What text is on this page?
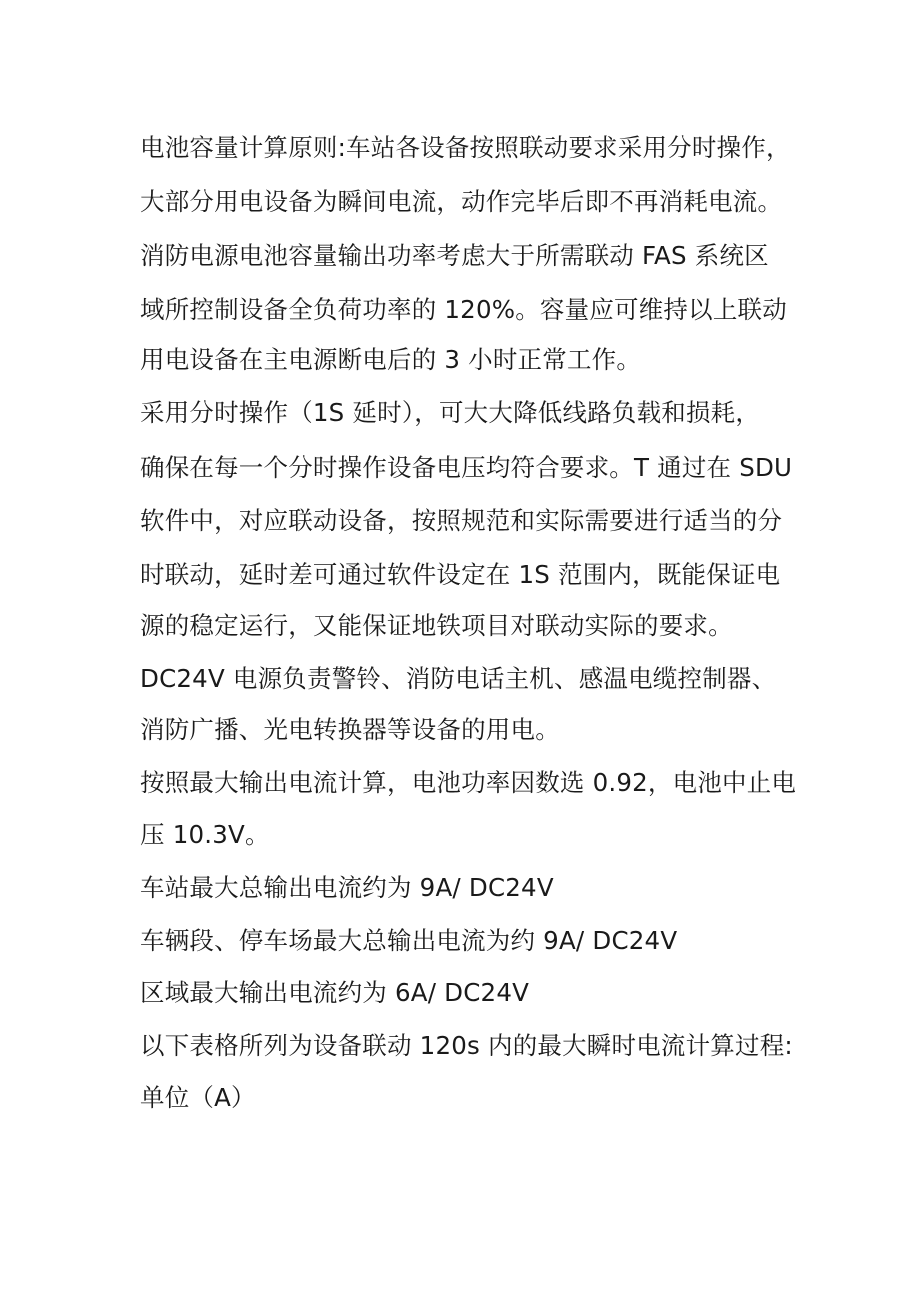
电池容量计算原则:车站各设备按照联动要求采用分时操作，
大部分用电设备为瞬间电流，动作完毕后即不再消耗电流。
消防电源电池容量输出功率考虑大于所需联动 FAS 系统区
域所控制设备全负荷功率的 120%。容量应可维持以上联动
用电设备在主电源断电后的 3 小时正常工作。
采用分时操作（1S 延时），可大大降低线路负载和损耗，
确保在每一个分时操作设备电压均符合要求。T 通过在 SDU
软件中，对应联动设备，按照规范和实际需要进行适当的分
时联动，延时差可通过软件设定在 1S 范围内，既能保证电
源的稳定运行，又能保证地铁项目对联动实际的要求。
DC24V 电源负责警铃、消防电话主机、感温电缆控制器、
消防广播、光电转换器等设备的用电。
按照最大输出电流计算，电池功率因数选 0.92，电池中止电
压 10.3V。
车站最大总输出电流约为 9A/ DC24V
车辆段、停车场最大总输出电流为约 9A/ DC24V
区域最大输出电流约为 6A/ DC24V
以下表格所列为设备联动 120s 内的最大瞬时电流计算过程:
单位（A）
